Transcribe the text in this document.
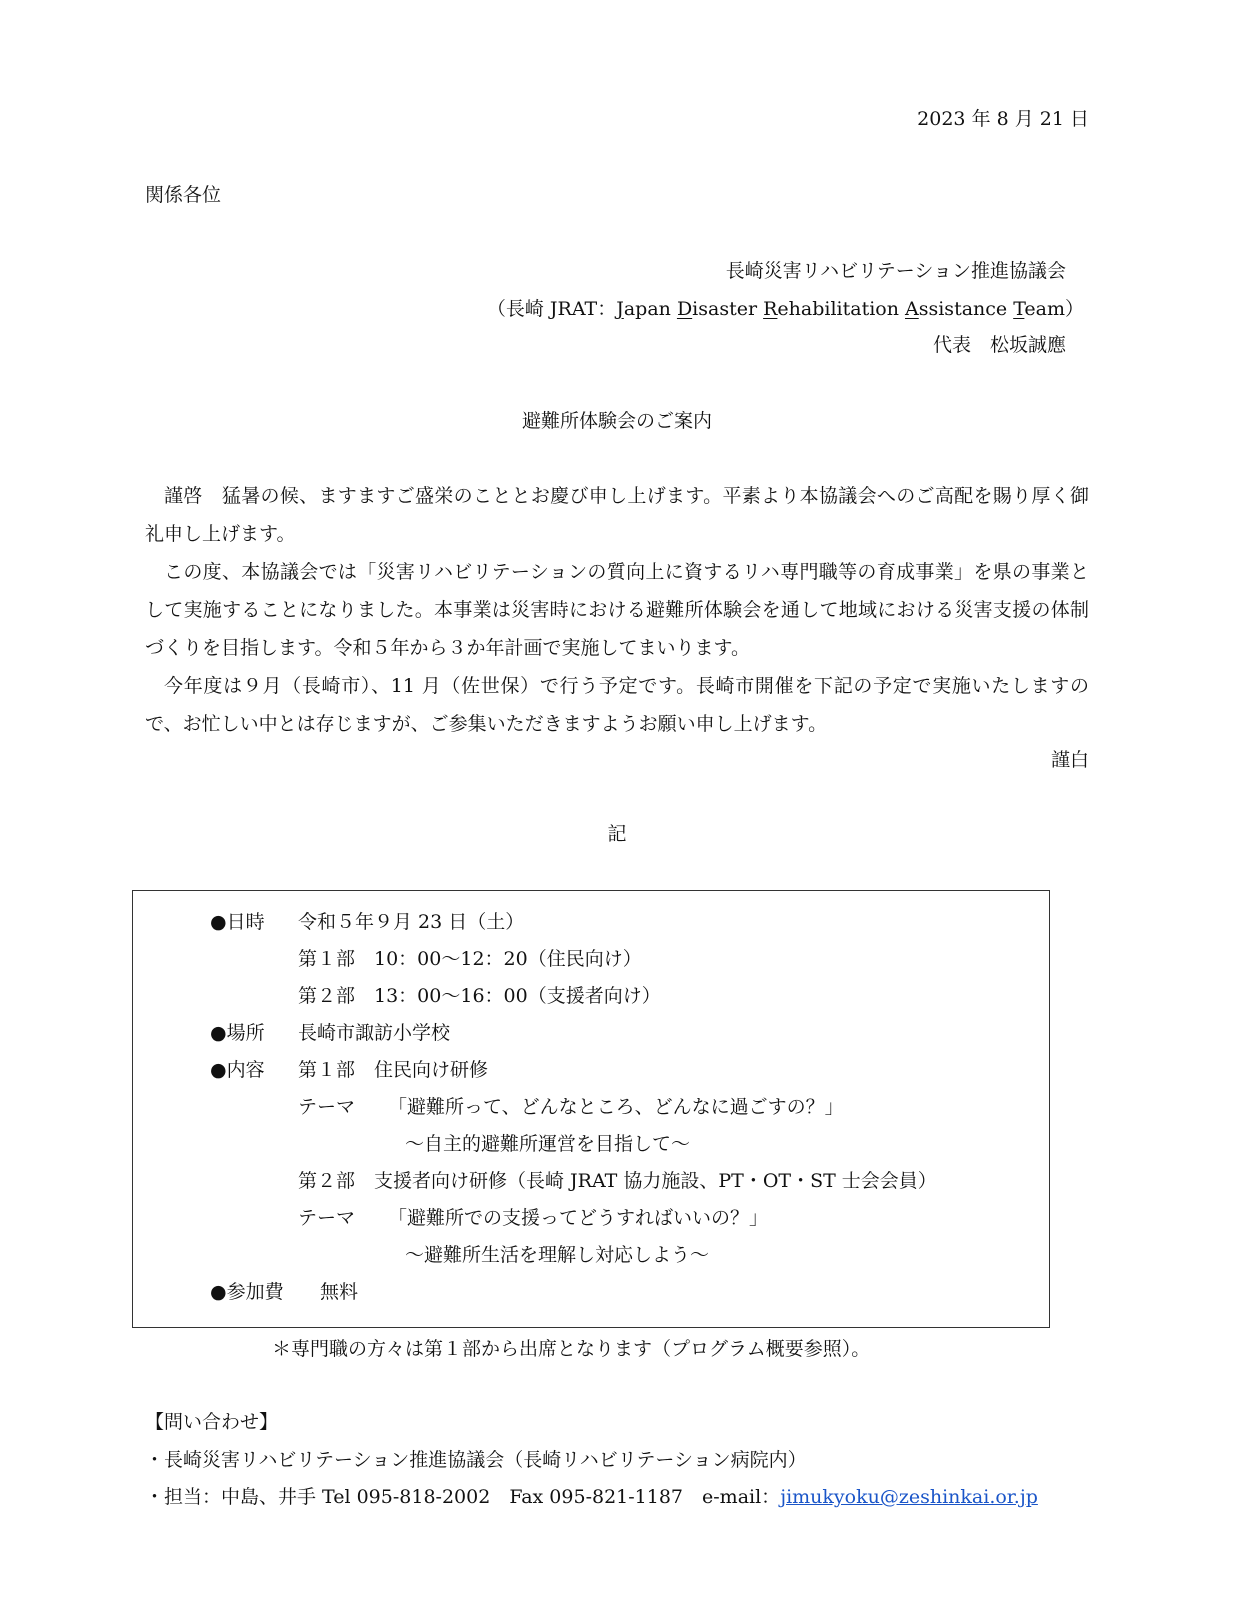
2023 年 8 月 21 日
関係各位
長崎災害リハビリテーション推進協議会
（長崎 JRAT：Japan Disaster Rehabilitation Assistance Team）
代表　松坂誠應
避難所体験会のご案内
謹啓　猛暑の候、ますますご盛栄のこととお慶び申し上げます。平素より本協議会へのご高配を賜り厚く御礼申し上げます。
この度、本協議会では「災害リハビリテーションの質向上に資するリハ専門職等の育成事業」を県の事業として実施することになりました。本事業は災害時における避難所体験会を通して地域における災害支援の体制づくりを目指します。令和５年から３か年計画で実施してまいります。
今年度は９月（長崎市）、11 月（佐世保）で行う予定です。長崎市開催を下記の予定で実施いたしますので、お忙しい中とは存じますが、ご参集いただきますようお願い申し上げます。
謹白
記
●日時 令和５年９月 23 日（土）
第１部　10：00～12：20（住民向け）
第２部　13：00～16：00（支援者向け）
●場所 長崎市諏訪小学校
●内容 第１部　住民向け研修
テーマ 「避難所って、どんなところ、どんなに過ごすの？」
～自主的避難所運営を目指して～
第２部　支援者向け研修（長崎 JRAT 協力施設、PT・OT・ST 士会会員）
テーマ 「避難所での支援ってどうすればいいの？」
～避難所生活を理解し対応しよう～
●参加費 無料
＊専門職の方々は第１部から出席となります（プログラム概要参照）。
【問い合わせ】
・長崎災害リハビリテーション推進協議会（長崎リハビリテーション病院内）
・担当：中島、井手 Tel 095-818-2002　Fax 095-821-1187　e-mail：jimukyoku@zeshinkai.or.jp
